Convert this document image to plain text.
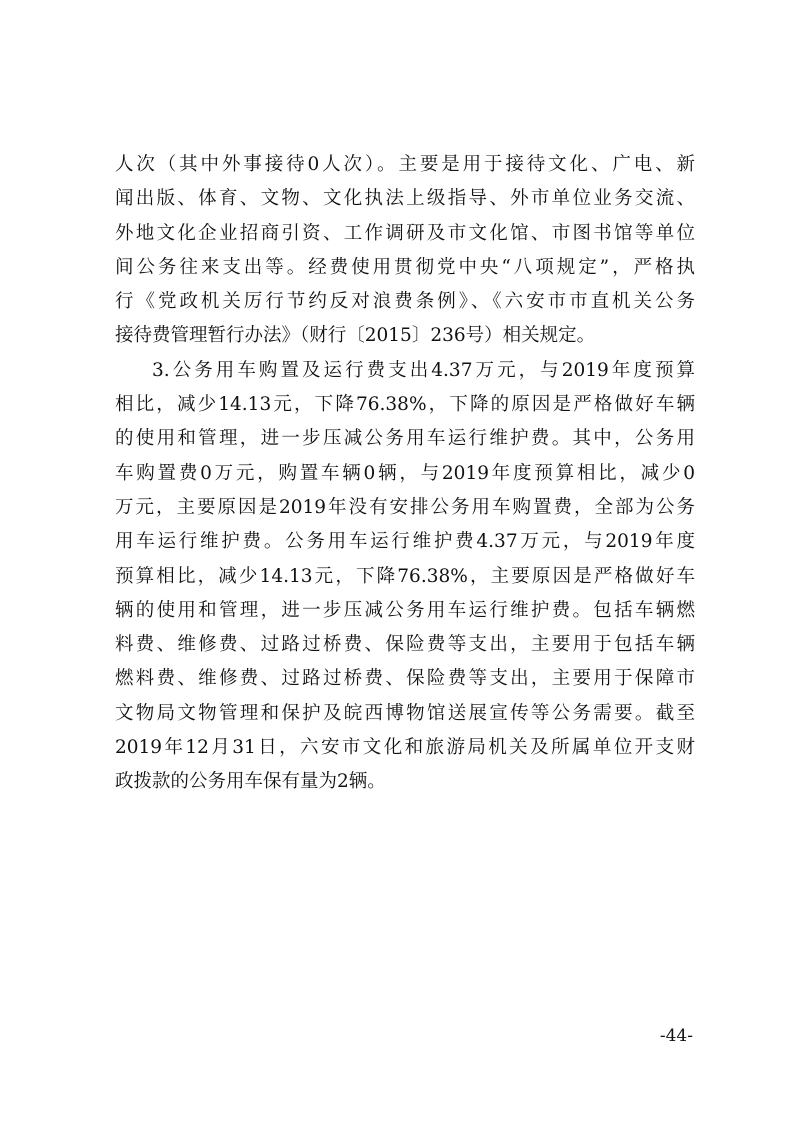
人次（其中外事接待0人次）。主要是用于接待文化、广电、新
闻出版、体育、文物、文化执法上级指导、外市单位业务交流、
外地文化企业招商引资、工作调研及市文化馆、市图书馆等单位
间公务往来支出等。经费使用贯彻党中央“八项规定”，严格执
行《党政机关厉行节约反对浪费条例》、《六安市市直机关公务
接待费管理暂行办法》（财行〔2015〕236号）相关规定。
3.公务用车购置及运行费支出4.37万元，与2019年度预算
相比，减少14.13元，下降76.38%，下降的原因是严格做好车辆
的使用和管理，进一步压减公务用车运行维护费。其中，公务用
车购置费0万元，购置车辆0辆，与2019年度预算相比，减少0
万元，主要原因是2019年没有安排公务用车购置费，全部为公务
用车运行维护费。公务用车运行维护费4.37万元，与2019年度
预算相比，减少14.13元，下降76.38%，主要原因是严格做好车
辆的使用和管理，进一步压减公务用车运行维护费。包括车辆燃
料费、维修费、过路过桥费、保险费等支出，主要用于包括车辆
燃料费、维修费、过路过桥费、保险费等支出，主要用于保障市
文物局文物管理和保护及皖西博物馆送展宣传等公务需要。截至
2019年12月31日，六安市文化和旅游局机关及所属单位开支财
政拨款的公务用车保有量为2辆。
-44-
